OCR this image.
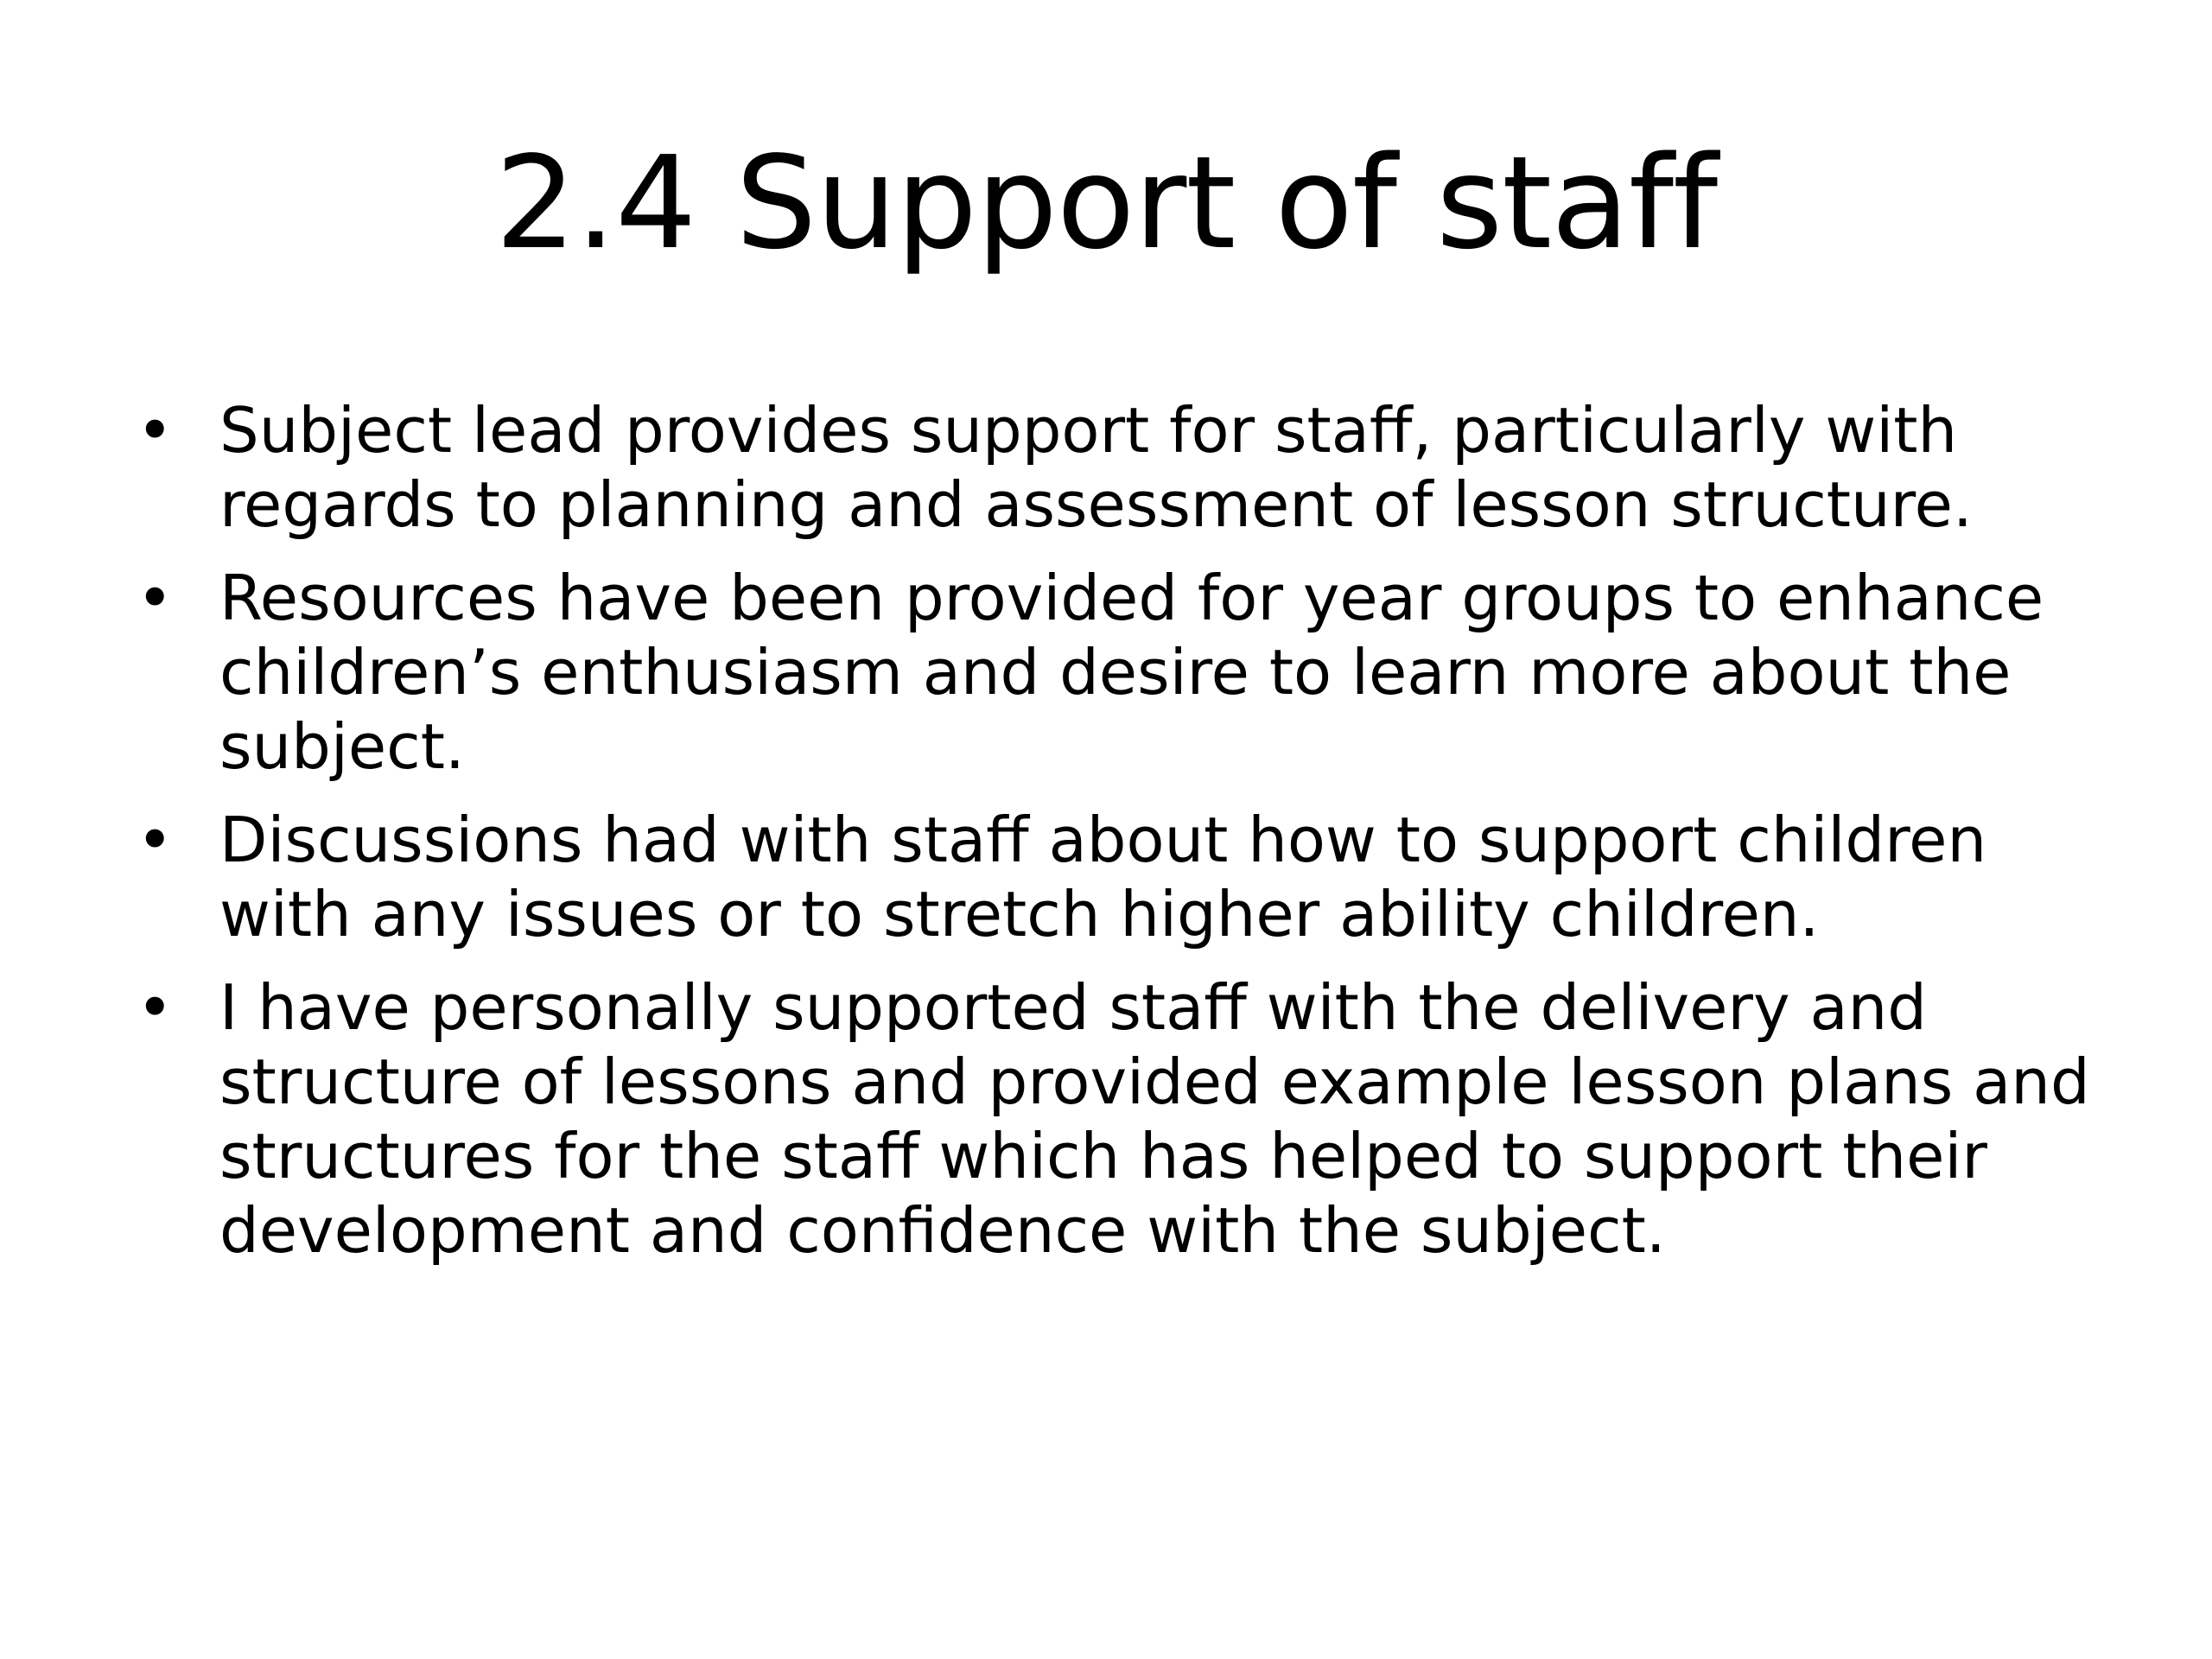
2.4 Support of staff
• Subject lead provides support for staff, particularly with regards to planning and assessment of lesson structure.
• Resources have been provided for year groups to enhance children’s enthusiasm and desire to learn more about the subject.
• Discussions had with staff about how to support children with any issues or to stretch higher ability children.
• I have personally supported staff with the delivery and structure of lessons and provided example lesson plans and structures for the staff which has helped to support their development and confidence with the subject.
